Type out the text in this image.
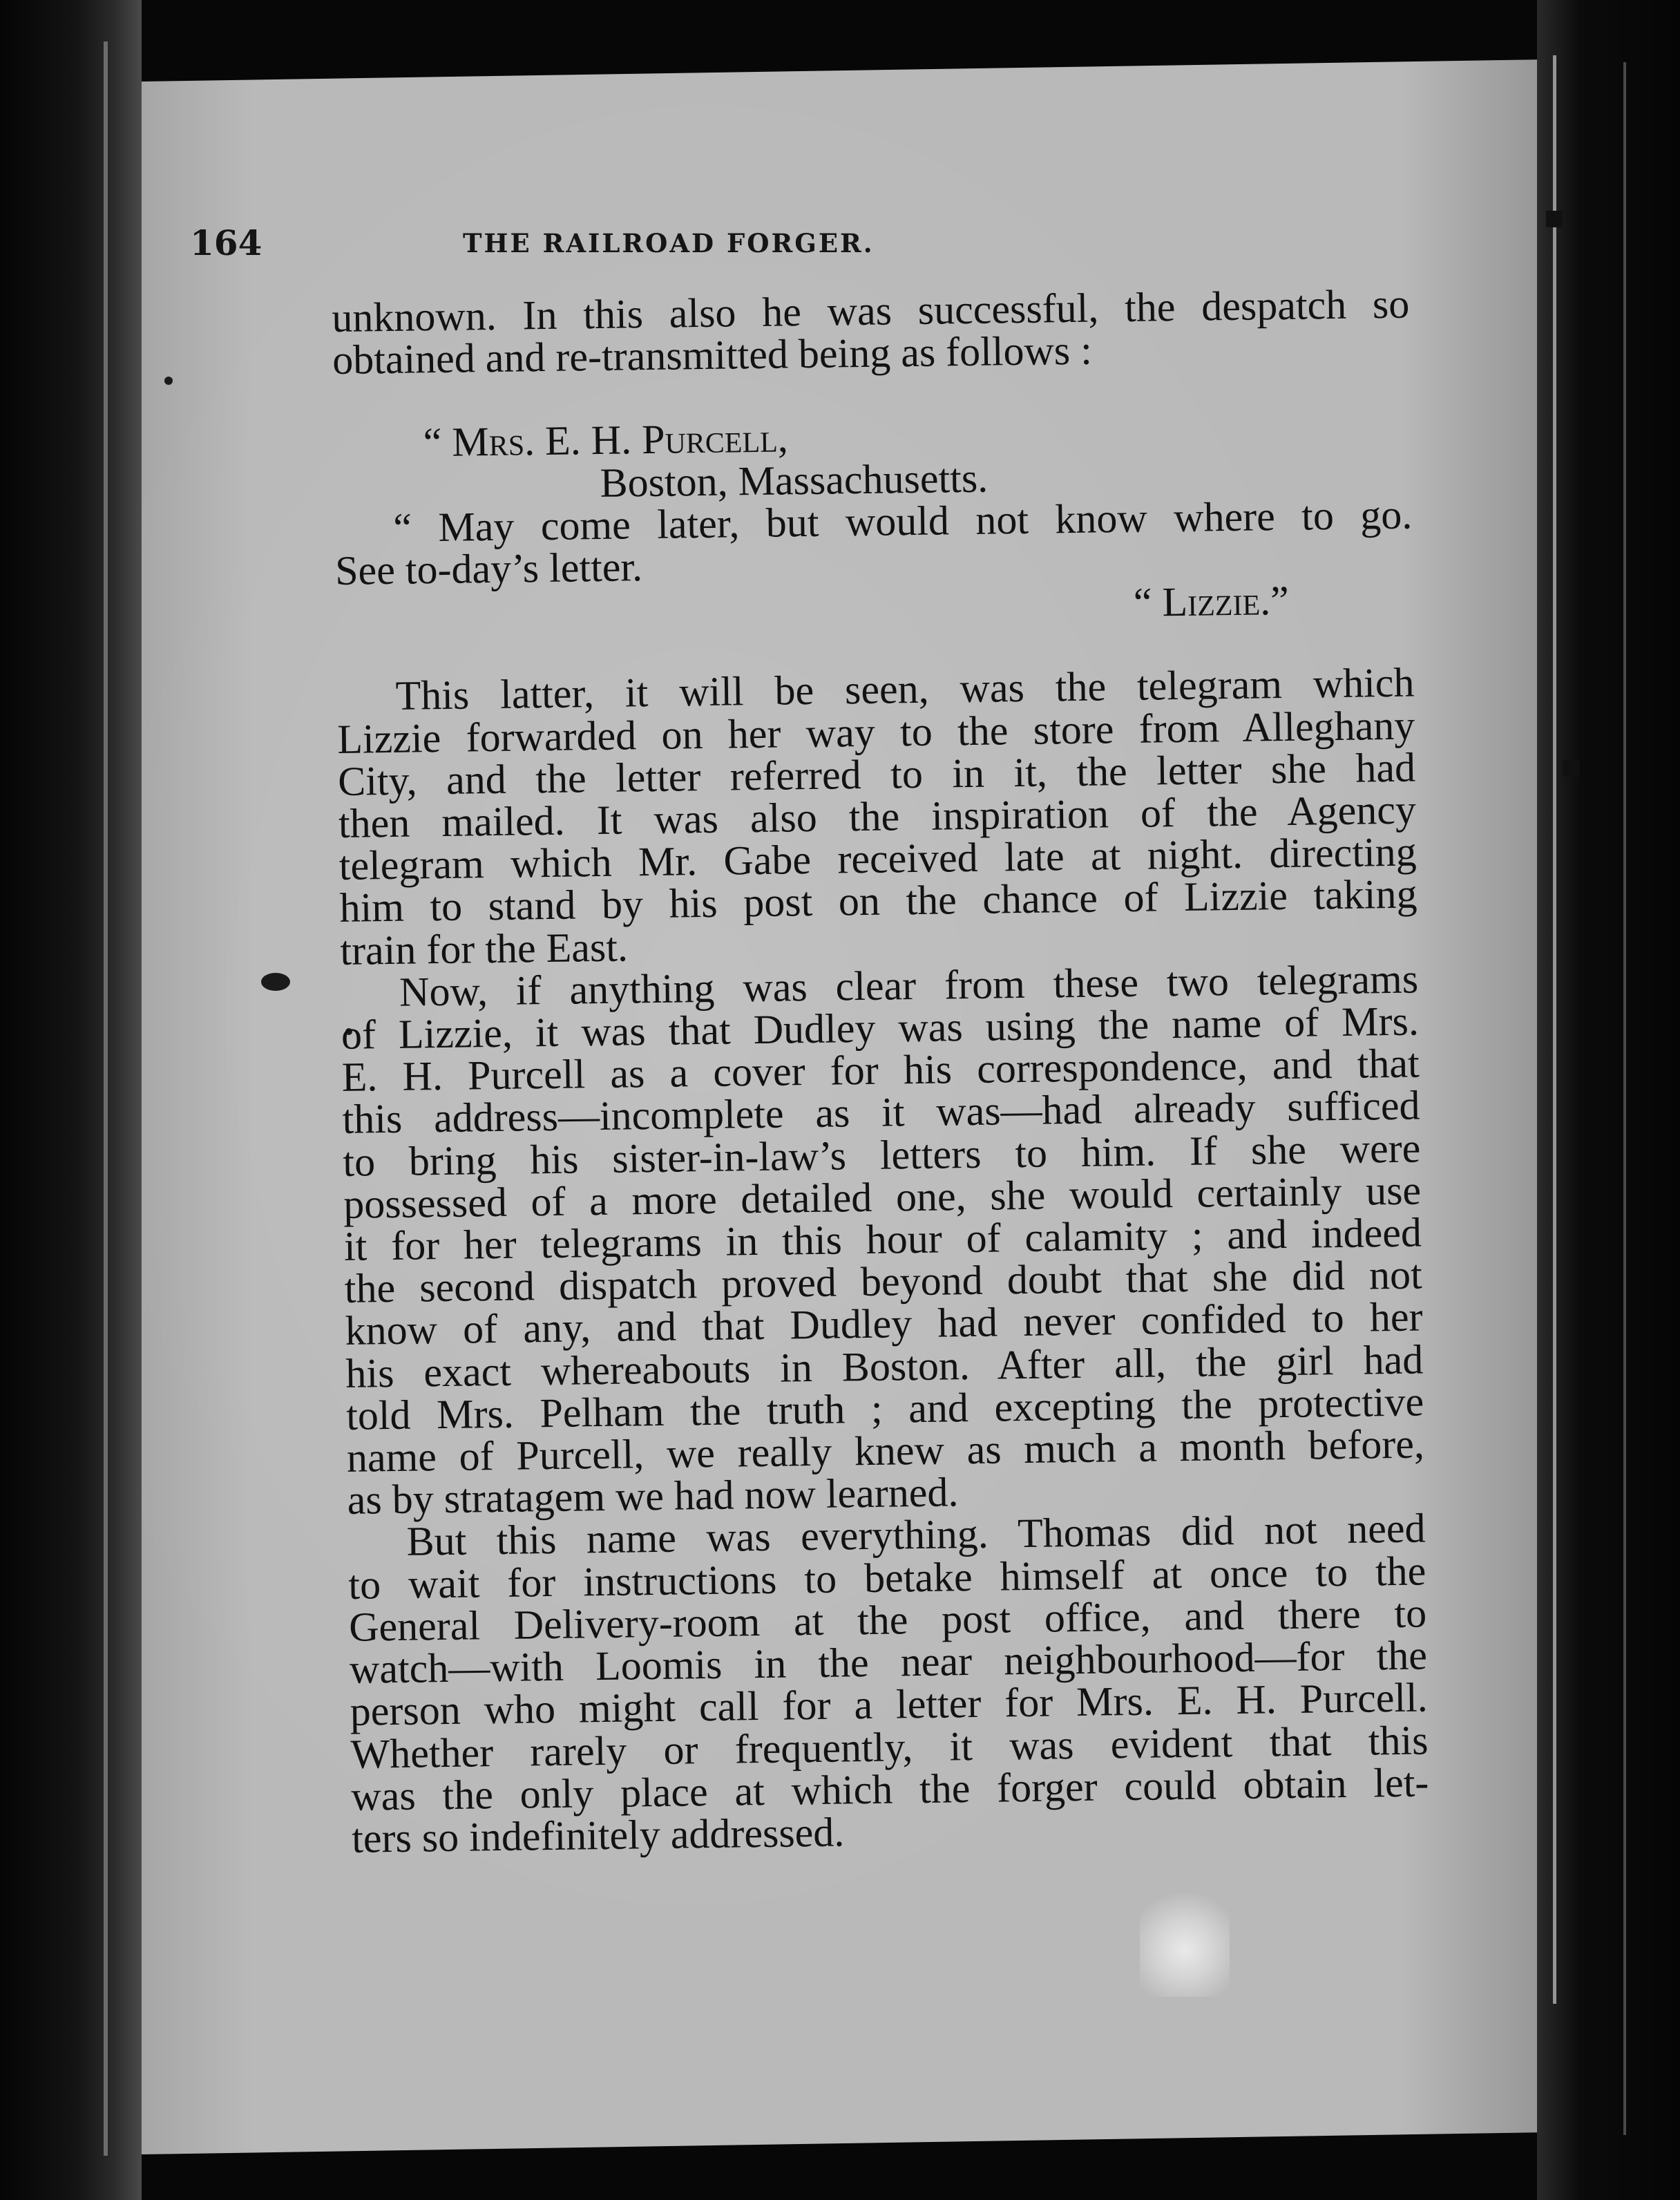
164	THE RAILROAD FORGER.
unknown. In this also he was successful, the despatch so
obtained and re-transmitted being as follows :
“ Mrs. E. H. Purcell,
Boston, Massachusetts.
“ May come later, but would not know where to go.
See to-day’s letter.
“ Lizzie.”
This latter, it will be seen, was the telegram which
Lizzie forwarded on her way to the store from Alleghany
City, and the letter referred to in it, the letter she had
then mailed. It was also the inspiration of the Agency
telegram which Mr. Gabe received late at night. directing
him to stand by his post on the chance of Lizzie taking
train for the East.
Now, if anything was clear from these two telegrams
of Lizzie, it was that Dudley was using the name of Mrs.
E. H. Purcell as a cover for his correspondence, and that
this address—incomplete as it was—had already sufficed
to bring his sister-in-law’s letters to him. If she were
possessed of a more detailed one, she would certainly use
it for her telegrams in this hour of calamity ; and indeed
the second dispatch proved beyond doubt that she did not
know of any, and that Dudley had never confided to her
his exact whereabouts in Boston. After all, the girl had
told Mrs. Pelham the truth ; and excepting the protective
name of Purcell, we really knew as much a month before,
as by stratagem we had now learned.
But this name was everything. Thomas did not need
to wait for instructions to betake himself at once to the
General Delivery-room at the post office, and there to
watch—with Loomis in the near neighbourhood—for the
person who might call for a letter for Mrs. E. H. Purcell.
Whether rarely or frequently, it was evident that this
was the only place at which the forger could obtain let-
ters so indefinitely addressed.
